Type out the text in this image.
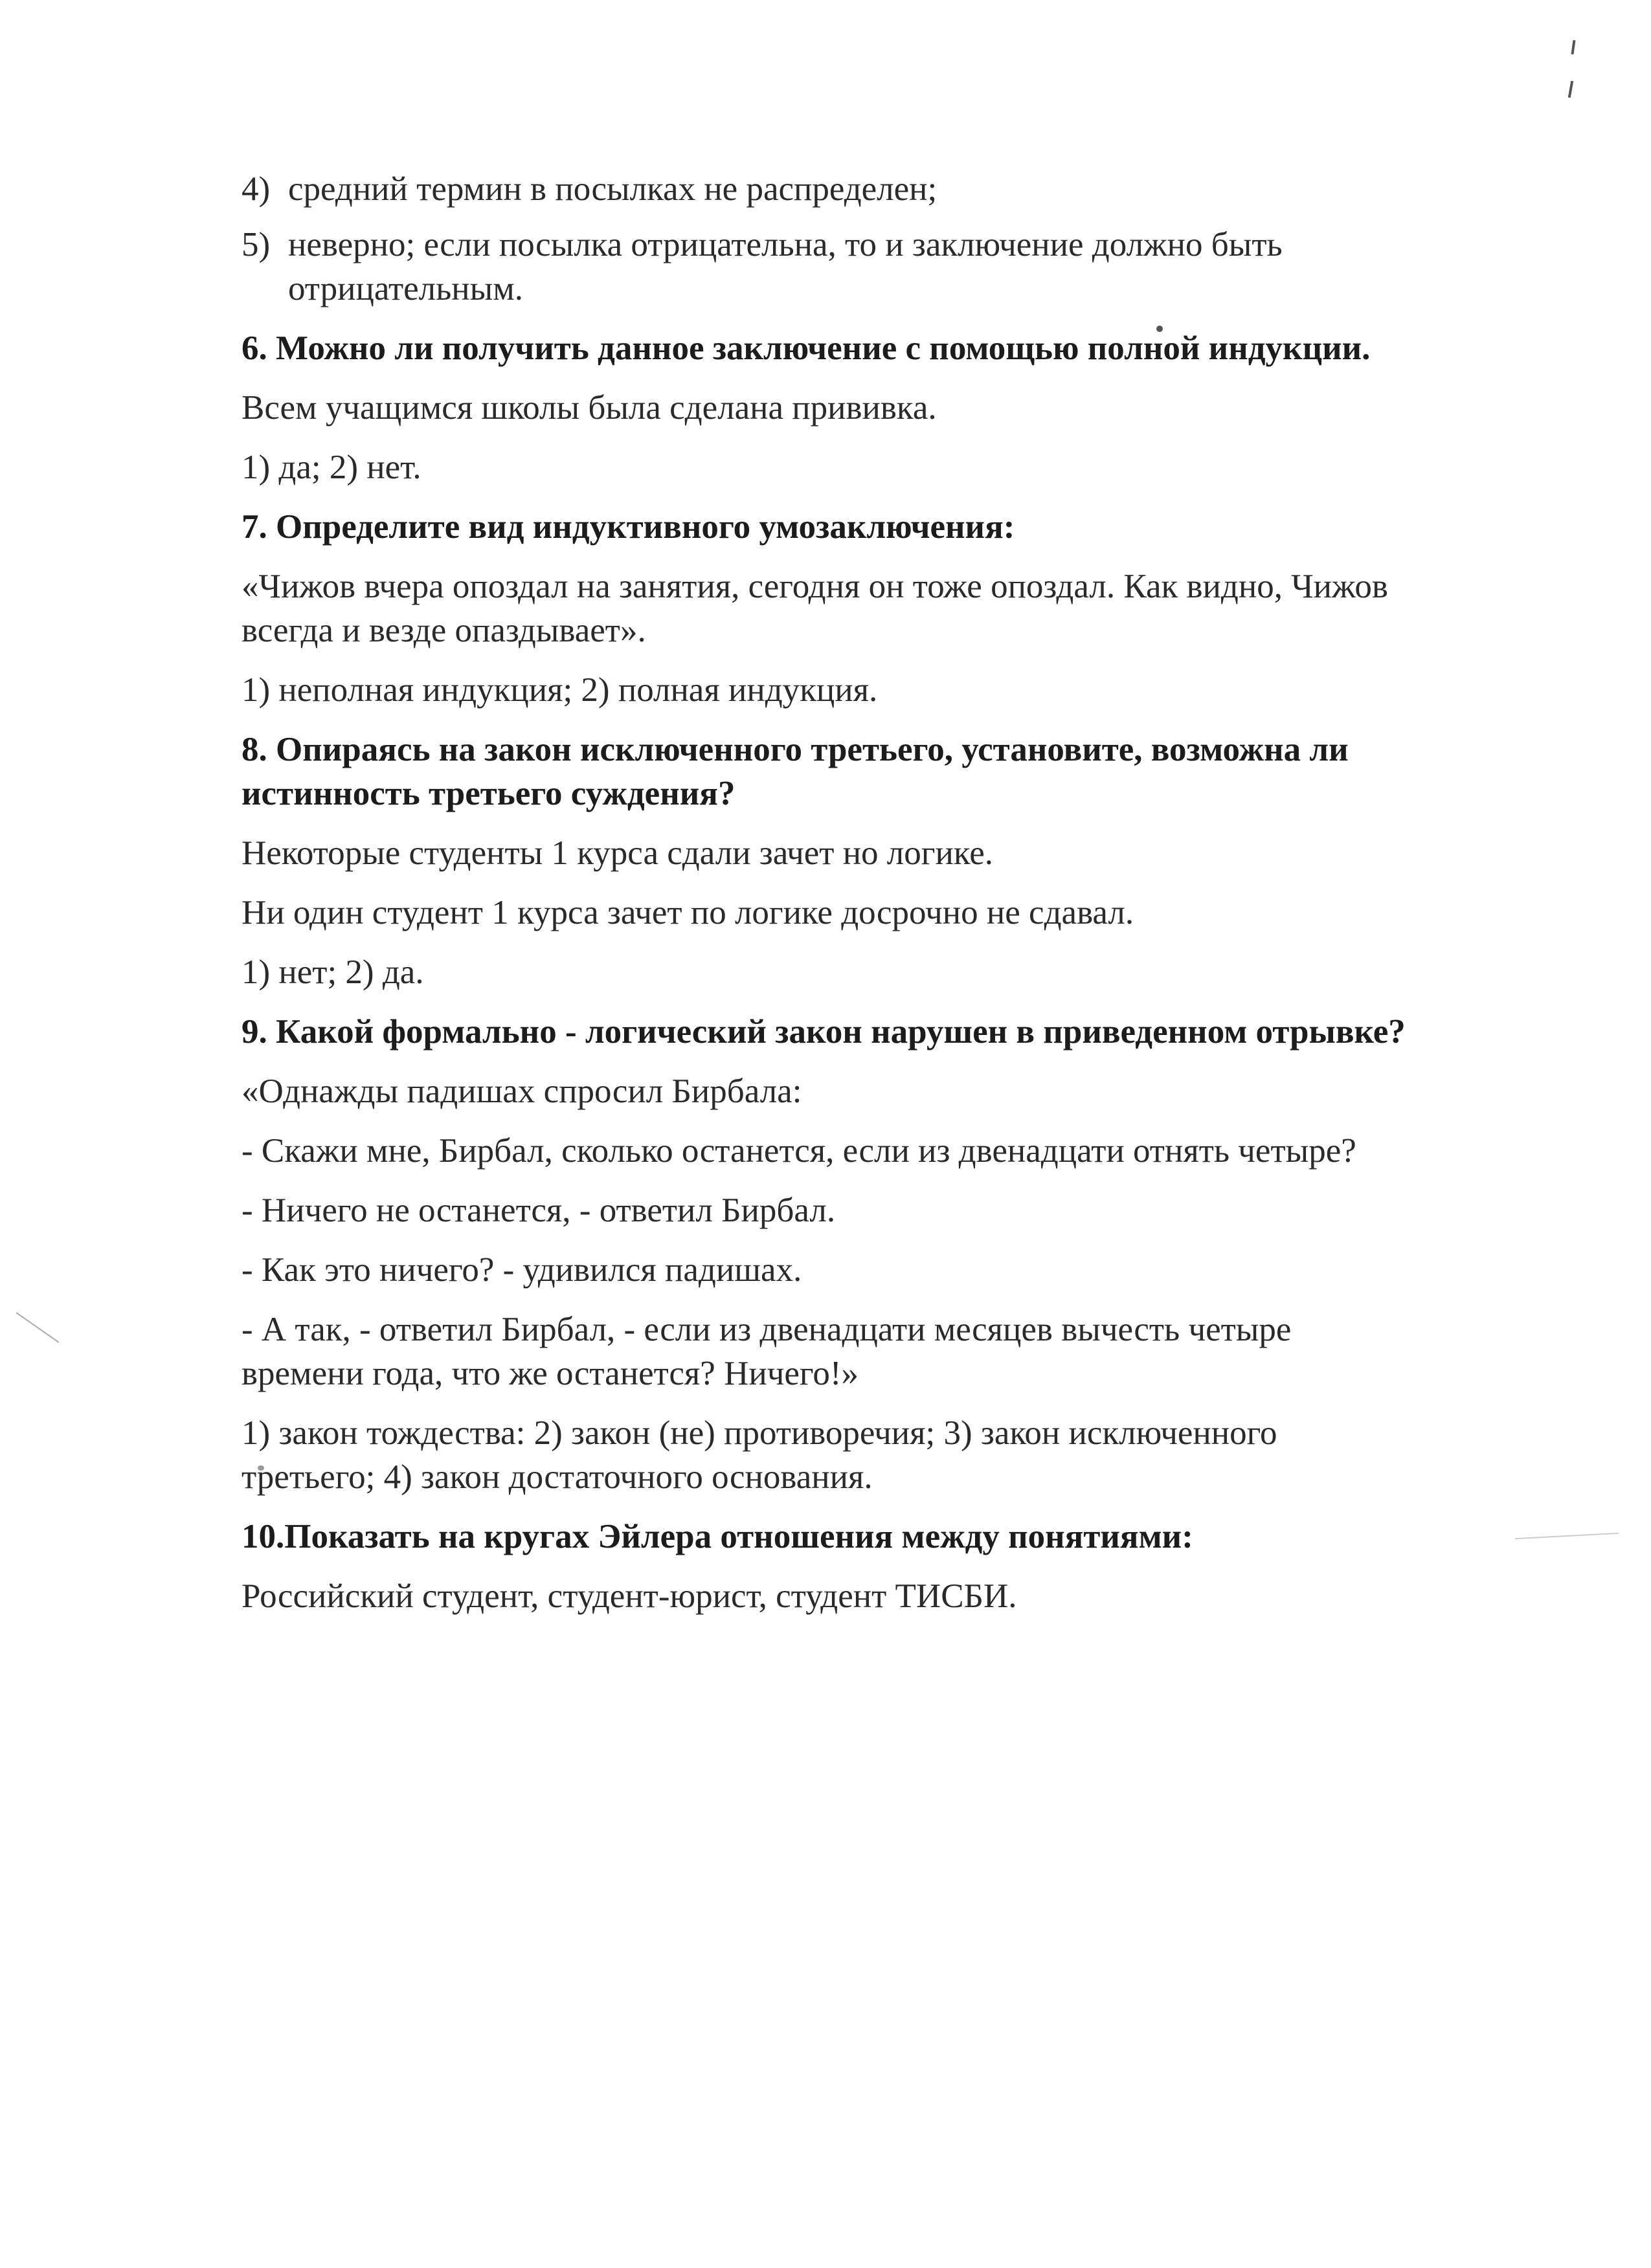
4) средний термин в посылках не распределен;
5) неверно; если посылка отрицательна, то и заключение должно быть отрицательным.
6. Можно ли получить данное заключение с помощью полной индукции.
Всем учащимся школы была сделана прививка.
1) да; 2) нет.
7. Определите вид индуктивного умозаключения:
«Чижов вчера опоздал на занятия, сегодня он тоже опоздал. Как видно, Чижов всегда и везде опаздывает».
1) неполная индукция; 2) полная индукция.
8. Опираясь на закон исключенного третьего, установите, возможна ли истинность третьего суждения?
Некоторые студенты 1 курса сдали зачет но логике.
Ни один студент 1 курса зачет по логике досрочно не сдавал.
1) нет; 2) да.
9. Какой формально - логический закон нарушен в приведенном отрывке?
«Однажды падишах спросил Бирбала:
- Скажи мне, Бирбал, сколько останется, если из двенадцати отнять четыре?
- Ничего не останется, - ответил Бирбал.
- Как это ничего? - удивился падишах.
- А так, - ответил Бирбал, - если из двенадцати месяцев вычесть четыре времени года, что же останется? Ничего!»
1) закон тождества: 2) закон (не) противоречия; 3) закон исключенного третьего; 4) закон достаточного основания.
10.Показать на кругах Эйлера отношения между понятиями:
Российский студент, студент-юрист, студент ТИСБИ.
